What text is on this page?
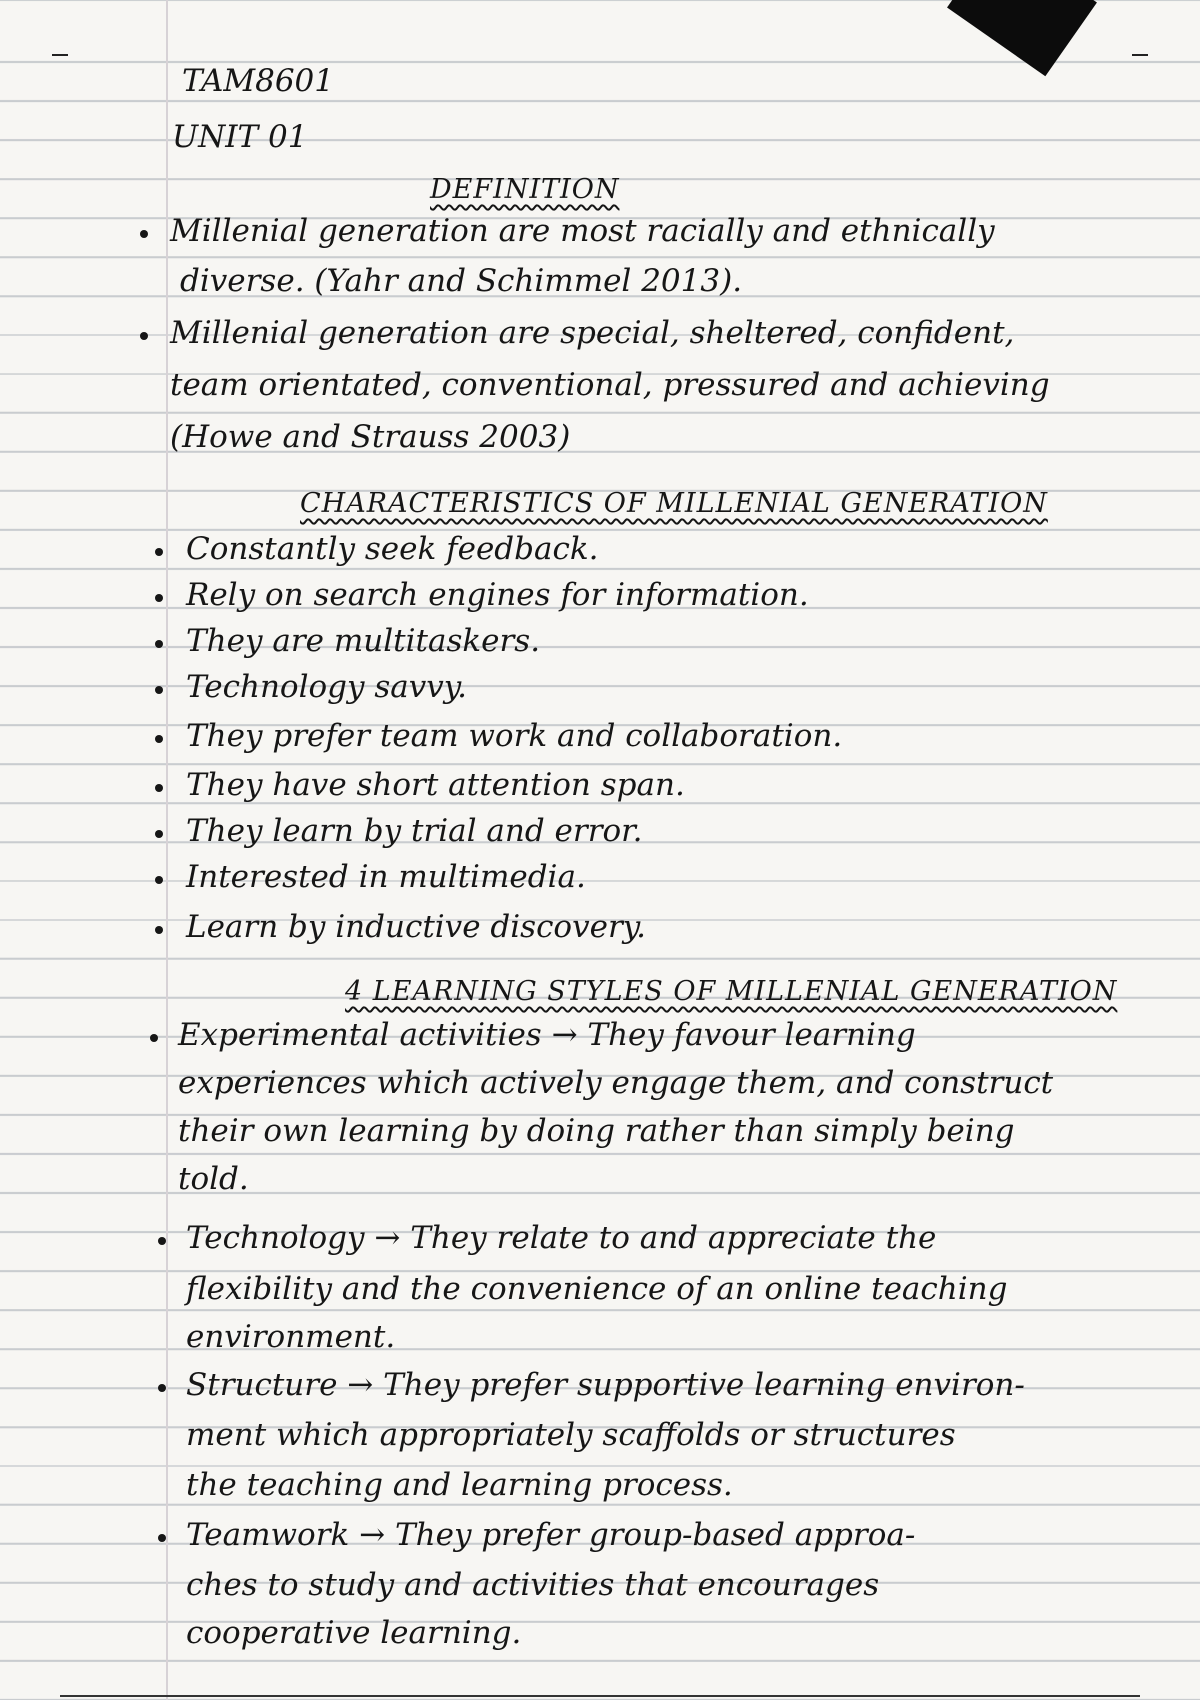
TAM8601
UNIT 01
DEFINITION
Millenial generation are most racially and ethnically
diverse. (Yahr and Schimmel 2013).
Millenial generation are special, sheltered, confident,
team orientated, conventional, pressured and achieving
(Howe and Strauss 2003)
CHARACTERISTICS OF MILLENIAL GENERATION
Constantly seek feedback.
Rely on search engines for information.
They are multitaskers.
Technology savvy.
They prefer team work and collaboration.
They have short attention span.
They learn by trial and error.
Interested in multimedia.
Learn by inductive discovery.
4 LEARNING STYLES OF MILLENIAL GENERATION
Experimental activities → They favour learning
experiences which actively engage them, and construct
their own learning by doing rather than simply being
told.
Technology → They relate to and appreciate the
flexibility and the convenience of an online teaching
environment.
Structure → They prefer supportive learning environ-
ment which appropriately scaffolds or structures
the teaching and learning process.
Teamwork → They prefer group-based approa-
ches to study and activities that encourages
cooperative learning.
